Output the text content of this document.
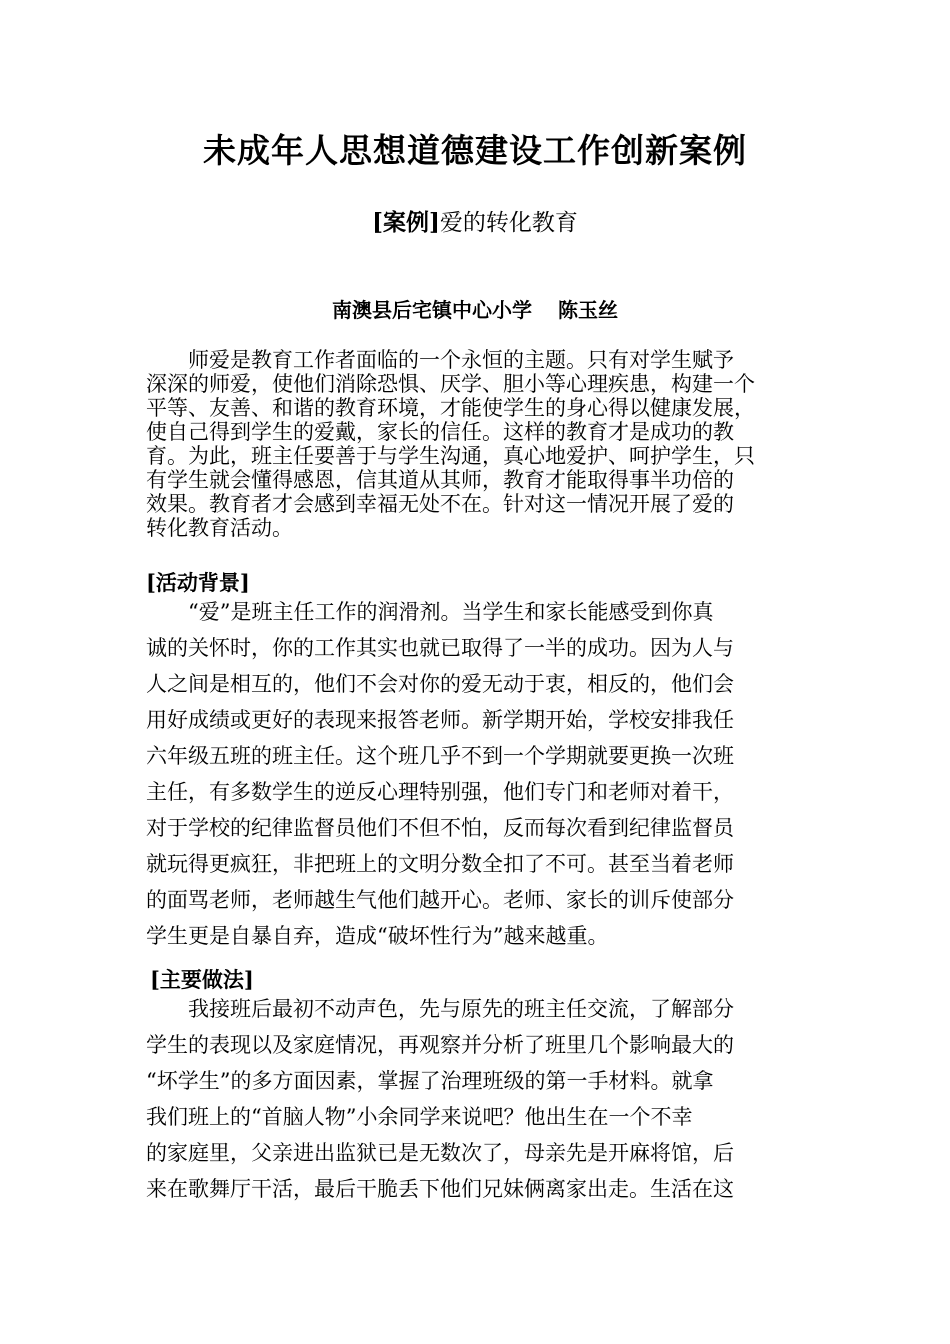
未成年人思想道德建设工作创新案例
[案例]爱的转化教育
南澳县后宅镇中心小学 陈玉丝
　　师爱是教育工作者面临的一个永恒的主题。只有对学生赋予
深深的师爱，使他们消除恐惧、厌学、胆小等心理疾患，构建一个
平等、友善、和谐的教育环境，才能使学生的身心得以健康发展，
使自己得到学生的爱戴，家长的信任。这样的教育才是成功的教
育。为此，班主任要善于与学生沟通，真心地爱护、呵护学生，只
有学生就会懂得感恩，信其道从其师，教育才能取得事半功倍的
效果。教育者才会感到幸福无处不在。针对这一情况开展了爱的
转化教育活动。
[活动背景]
　　“爱”是班主任工作的润滑剂。当学生和家长能感受到你真
诚的关怀时，你的工作其实也就已取得了一半的成功。因为人与
人之间是相互的，他们不会对你的爱无动于衷，相反的，他们会
用好成绩或更好的表现来报答老师。新学期开始，学校安排我任
六年级五班的班主任。这个班几乎不到一个学期就要更换一次班
主任，有多数学生的逆反心理特别强，他们专门和老师对着干，
对于学校的纪律监督员他们不但不怕，反而每次看到纪律监督员
就玩得更疯狂，非把班上的文明分数全扣了不可。甚至当着老师
的面骂老师，老师越生气他们越开心。老师、家长的训斥使部分
学生更是自暴自弃，造成“破坏性行为”越来越重。
[主要做法]
　　我接班后最初不动声色，先与原先的班主任交流，了解部分
学生的表现以及家庭情况，再观察并分析了班里几个影响最大的
“坏学生”的多方面因素，掌握了治理班级的第一手材料。就拿
我们班上的“首脑人物”小余同学来说吧？他出生在一个不幸
的家庭里，父亲进出监狱已是无数次了，母亲先是开麻将馆，后
来在歌舞厅干活，最后干脆丢下他们兄妹俩离家出走。生活在这
